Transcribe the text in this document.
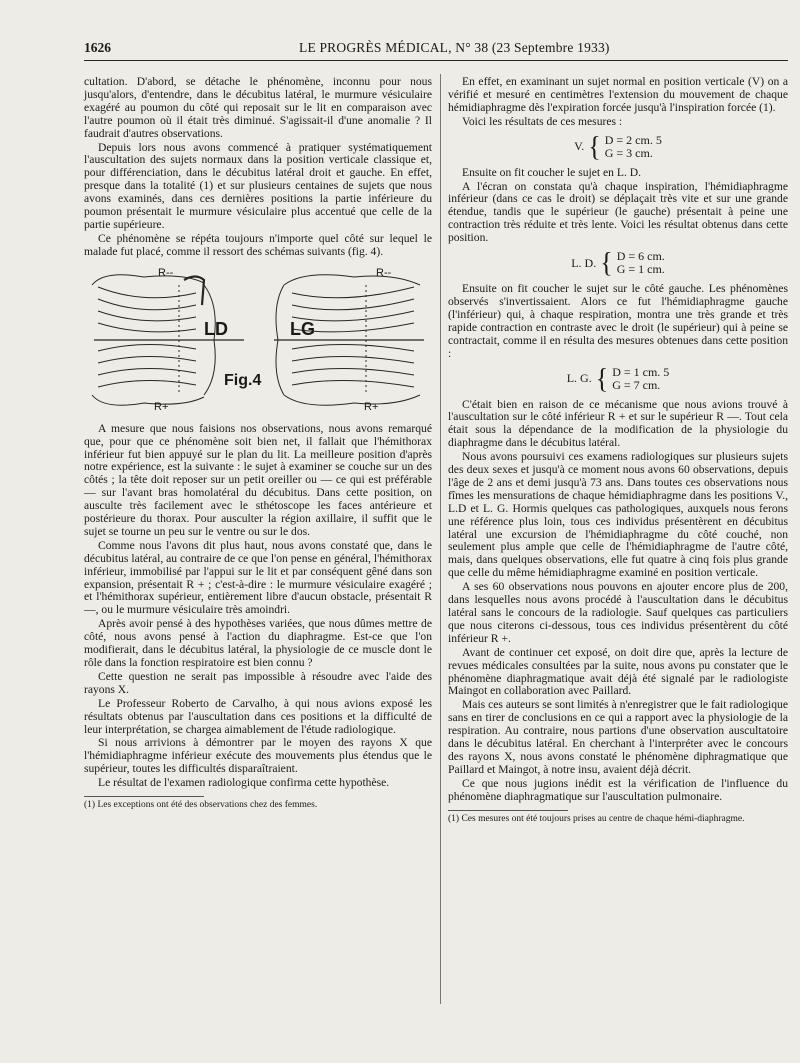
1626	LE PROGRÈS MÉDICAL, N° 38 (23 Septembre 1933)

cultation. D'abord, se détache le phénomène, inconnu pour nous jusqu'alors, d'entendre, dans le décubitus latéral, le murmure vésiculaire exagéré au poumon du côté qui reposait sur le lit en comparaison avec l'autre poumon où il était très diminué. S'agissait-il d'une anomalie ? Il faudrait d'autres observations.

Depuis lors nous avons commencé à pratiquer systématiquement l'auscultation des sujets normaux dans la position verticale classique et, pour différenciation, dans le décubitus latéral droit et gauche. En effet, presque dans la totalité (1) et sur plusieurs centaines de sujets que nous avons examinés, dans ces dernières positions la partie inférieure du poumon présentait le murmure vésiculaire plus accentué que celle de la partie supérieure.

Ce phénomène se répéta toujours n'importe quel côté sur lequel le malade fut placé, comme il ressort des schémas suivants (fig. 4).

R--	R--
R+	R+
LD	LG
Fig.4

A mesure que nous faisions nos observations, nous avons remarqué que, pour que ce phénomène soit bien net, il fallait que l'hémithorax inférieur fut bien appuyé sur le plan du lit. La meilleure position d'après notre expérience, est la suivante : le sujet à examiner se couche sur un des côtés ; la tête doit reposer sur un petit oreiller ou — ce qui est préférable — sur l'avant bras homolatéral du décubitus. Dans cette position, on ausculte très facilement avec le sthétoscope les faces antérieure et postérieure du thorax. Pour ausculter la région axillaire, il suffit que le sujet se tourne un peu sur le ventre ou sur le dos.

Comme nous l'avons dit plus haut, nous avons constaté que, dans le décubitus latéral, au contraire de ce que l'on pense en général, l'hémithorax inférieur, immobilisé par l'appui sur le lit et par conséquent gêné dans son expansion, présentait R + ; c'est-à-dire : le murmure vésiculaire exagéré ; et l'hémithorax supérieur, entièrement libre d'aucun obstacle, présentait R —, ou le murmure vésiculaire très amoindri.

Après avoir pensé à des hypothèses variées, que nous dûmes mettre de côté, nous avons pensé à l'action du diaphragme. Est-ce que l'on modifierait, dans le décubitus latéral, la physiologie de ce muscle dont le rôle dans la fonction respiratoire est bien connu ?

Cette question ne serait pas impossible à résoudre avec l'aide des rayons X.

Le Professeur Roberto de Carvalho, à qui nous avions exposé les résultats obtenus par l'auscultation dans ces positions et la difficulté de leur interprétation, se chargea aimablement de l'étude radiologique.

Si nous arrivions à démontrer par le moyen des rayons X que l'hémidiaphragme inférieur exécute des mouvements plus étendus que le supérieur, toutes les difficultés disparaîtraient.

Le résultat de l'examen radiologique confirma cette hypothèse.

(1) Les exceptions ont été des observations chez des femmes.

En effet, en examinant un sujet normal en position verticale (V) on a vérifié et mesuré en centimètres l'extension du mouvement de chaque hémidiaphragme dès l'expiration forcée jusqu'à l'inspiration forcée (1).

Voici les résultats de ces mesures :

V. { D = 2 cm. 5
G = 3 cm.

Ensuite on fit coucher le sujet en L. D.

A l'écran on constata qu'à chaque inspiration, l'hémidiaphragme inférieur (dans ce cas le droit) se déplaçait très vite et sur une grande étendue, tandis que le supérieur (le gauche) présentait à peine une contraction très réduite et très lente. Voici les résultat obtenus dans cette position.

L. D. { D = 6 cm.
G = 1 cm.

Ensuite on fit coucher le sujet sur le côté gauche. Les phénomènes observés s'invertissaient. Alors ce fut l'hémidiaphragme gauche (l'inférieur) qui, à chaque respiration, montra une très grande et très rapide contraction en contraste avec le droit (le supérieur) qui à peine se contractait, comme il en résulta des mesures obtenues dans cette position :

L. G. { D = 1 cm. 5
G = 7 cm.

C'était bien en raison de ce mécanisme que nous avions trouvé à l'auscultation sur le côté inférieur R + et sur le supérieur R —. Tout cela était sous la dépendance de la modification de la physiologie du diaphragme dans le décubitus latéral.

Nous avons poursuivi ces examens radiologiques sur plusieurs sujets des deux sexes et jusqu'à ce moment nous avons 60 observations, depuis l'âge de 2 ans et demi jusqu'à 73 ans. Dans toutes ces observations nous fîmes les mensurations de chaque hémidiaphragme dans les positions V., L.D et L. G. Hormis quelques cas pathologiques, auxquels nous ferons une référence plus loin, tous ces individus présentèrent en décubitus latéral une excursion de l'hémidiaphragme du côté couché, non seulement plus ample que celle de l'hémidiaphragme de l'autre côté, mais, dans quelques observations, elle fut quatre à cinq fois plus grande que celle du même hémidiaphragme examiné en position verticale.

A ses 60 observations nous pouvons en ajouter encore plus de 200, dans lesquelles nous avons procédé à l'auscultation dans le décubitus latéral sans le concours de la radiologie. Sauf quelques cas particuliers que nous citerons ci-dessous, tous ces individus présentèrent du côté inférieur R +.

Avant de continuer cet exposé, on doit dire que, après la lecture de revues médicales consultées par la suite, nous avons pu constater que le phénomène diaphragmatique avait déjà été signalé par le radiologiste Maingot en collaboration avec Paillard.

Mais ces auteurs se sont limités à n'enregistrer que le fait radiologique sans en tirer de conclusions en ce qui a rapport avec la physiologie de la respiration. Au contraire, nous partions d'une observation auscultatoire dans le décubitus latéral. En cherchant à l'interpréter avec le concours des rayons X, nous avons constaté le phénomène diphragmatique que Paillard et Maingot, à notre insu, avaient déjà décrit.

Ce que nous jugions inédit est la vérification de l'influence du phénomène diaphragmatique sur l'auscultation pulmonaire.

(1) Ces mesures ont été toujours prises au centre de chaque hémi-diaphragme.
